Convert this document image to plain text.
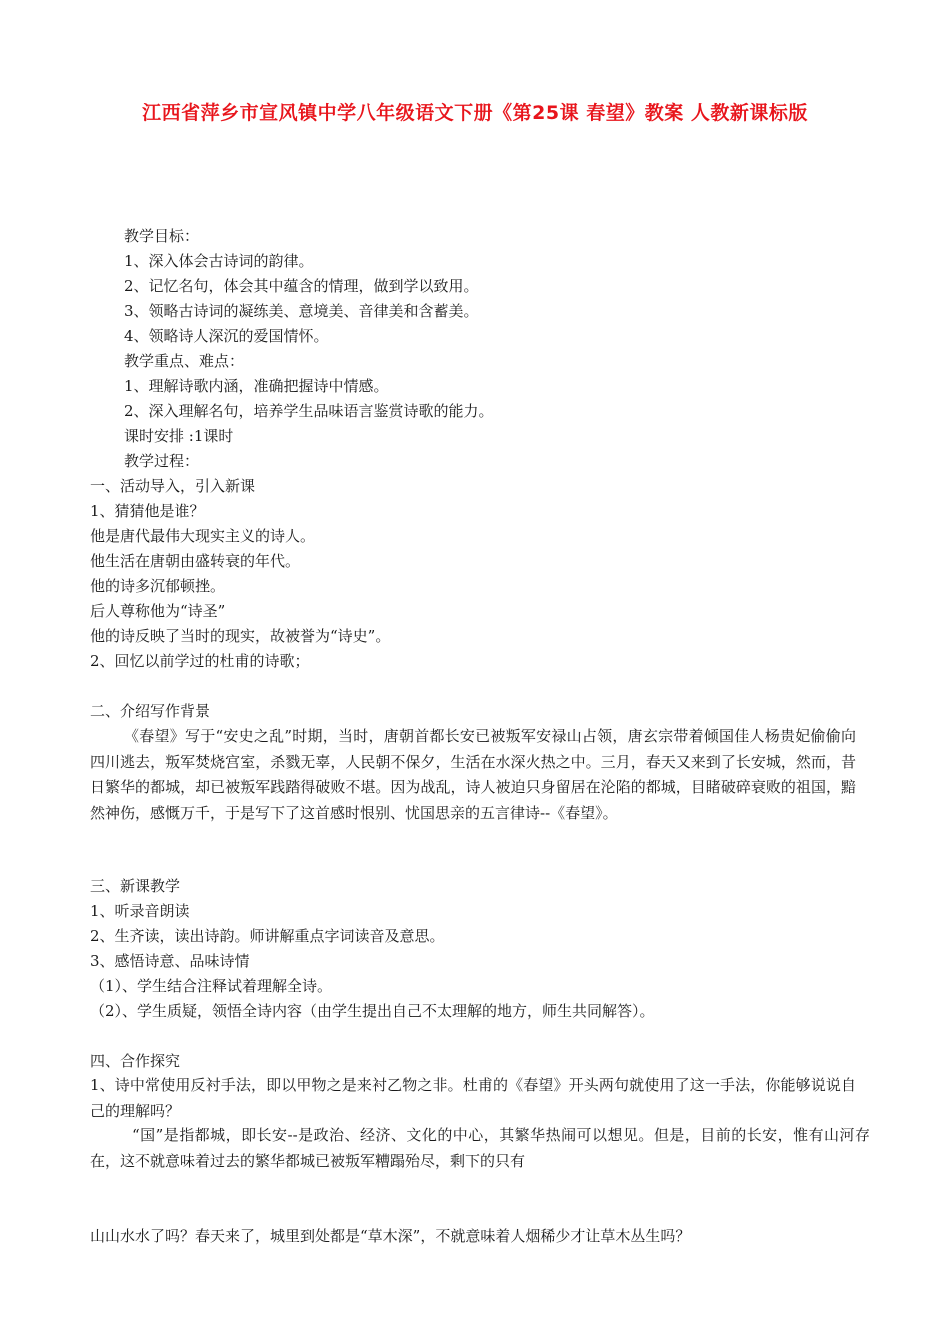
江西省萍乡市宣风镇中学八年级语文下册《第25课 春望》教案 人教新课标版
教学目标：
1、深入体会古诗词的韵律。
2、记忆名句，体会其中蕴含的情理，做到学以致用。
3、领略古诗词的凝练美、意境美、音律美和含蓄美。
4、领略诗人深沉的爱国情怀。
教学重点、难点：
1、理解诗歌内涵，准确把握诗中情感。
2、深入理解名句，培养学生品味语言鉴赏诗歌的能力。
课时安排 :1课时
教学过程：
一、活动导入，引入新课
1、猜猜他是谁？
他是唐代最伟大现实主义的诗人。
他生活在唐朝由盛转衰的年代。
他的诗多沉郁顿挫。
后人尊称他为“诗圣”
他的诗反映了当时的现实，故被誉为“诗史”。
2、回忆以前学过的杜甫的诗歌；
二、介绍写作背景

《春望》写于“安史之乱”时期，当时，唐朝首都长安已被叛军安禄山占领，唐玄宗带着倾国佳人杨贵妃偷偷向四川逃去，叛军焚烧宫室，杀戮无辜，人民朝不保夕，生活在水深火热之中。三月，春天又来到了长安城，然而，昔日繁华的都城，却已被叛军践踏得破败不堪。因为战乱，诗人被迫只身留居在沦陷的都城，目睹破碎衰败的祖国，黯然神伤，感慨万千，于是写下了这首感时恨别、忧国思亲的五言律诗--《春望》。

三、新课教学
1、听录音朗读
2、生齐读，读出诗韵。师讲解重点字词读音及意思。
3、感悟诗意、品味诗情
（1）、学生结合注释试着理解全诗。
（2）、学生质疑，领悟全诗内容（由学生提出自己不太理解的地方，师生共同解答）。
四、合作探究

1、诗中常使用反衬手法，即以甲物之是来衬乙物之非。杜甫的《春望》开头两句就使用了这一手法，你能够说说自己的理解吗？

“国”是指都城，即长安--是政治、经济、文化的中心，其繁华热闹可以想见。但是，目前的长安，惟有山河存在，这不就意味着过去的繁华都城已被叛军糟蹋殆尽，剩下的只有

山山水水了吗？春天来了，城里到处都是“草木深”，不就意味着人烟稀少才让草木丛生吗？
